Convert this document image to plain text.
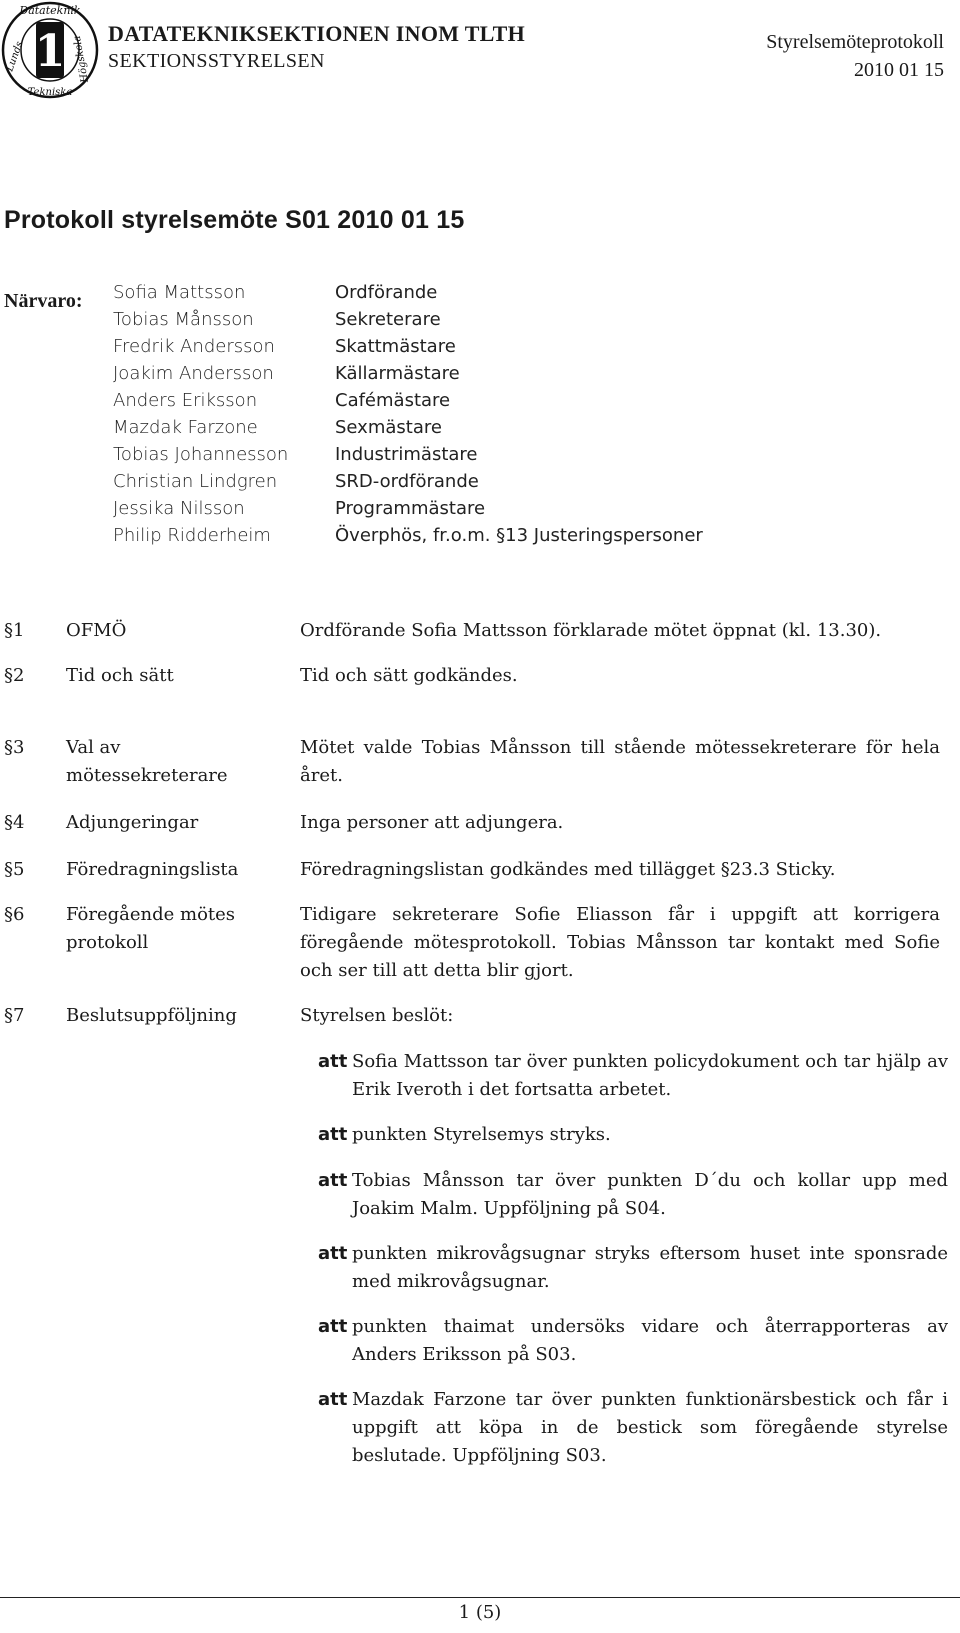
1
Datateknik
Tekniska
Lunds	Högskola
DATATEKNIKSEKTIONEN INOM TLTH
SEKTIONSSTYRELSEN
Styrelsemöteprotokoll
2010 01 15
Protokoll styrelsemöte S01 2010 01 15
Närvaro: Sofia Mattsson	Ordförande
Tobias Månsson	Sekreterare
Fredrik Andersson	Skattmästare
Joakim Andersson	Källarmästare
Anders Eriksson	Cafémästare
Mazdak Farzone	Sexmästare
Tobias Johannesson	Industrimästare
Christian Lindgren	SRD-ordförande
Jessika Nilsson	Programmästare
Philip Ridderheim	Överphös, fr.o.m. §13 Justeringspersoner
§1 OFMÖ	Ordförande Sofia Mattsson förklarade mötet öppnat (kl. 13.30).
§2 Tid och sätt	Tid och sätt godkändes.
§3 Val av mötessekreterare
Mötet valde Tobias Månsson till stående mötessekreterare för hela året.
§4 Adjungeringar	Inga personer att adjungera.
§5 Föredragningslista	Föredragningslistan godkändes med tillägget §23.3 Sticky.
§6 Föregående mötes protokoll
Tidigare sekreterare Sofie Eliasson får i uppgift att korrigera föregående mötesprotokoll. Tobias Månsson tar kontakt med Sofie och ser till att detta blir gjort.
§7 Beslutsuppföljning	Styrelsen beslöt:
att Sofia Mattsson tar över punkten policydokument och tar hjälp av Erik Iveroth i det fortsatta arbetet.
att punkten Styrelsemys stryks.
att Tobias Månsson tar över punkten D´du och kollar upp med Joakim Malm. Uppföljning på S04.
att punkten mikrovågsugnar stryks eftersom huset inte sponsrade med mikrovågsugnar.
att punkten thaimat undersöks vidare och återrapporteras av Anders Eriksson på S03.
att Mazdak Farzone tar över punkten funktionärsbestick och får i uppgift att köpa in de bestick som föregående styrelse beslutade. Uppföljning S03.
1 (5)
